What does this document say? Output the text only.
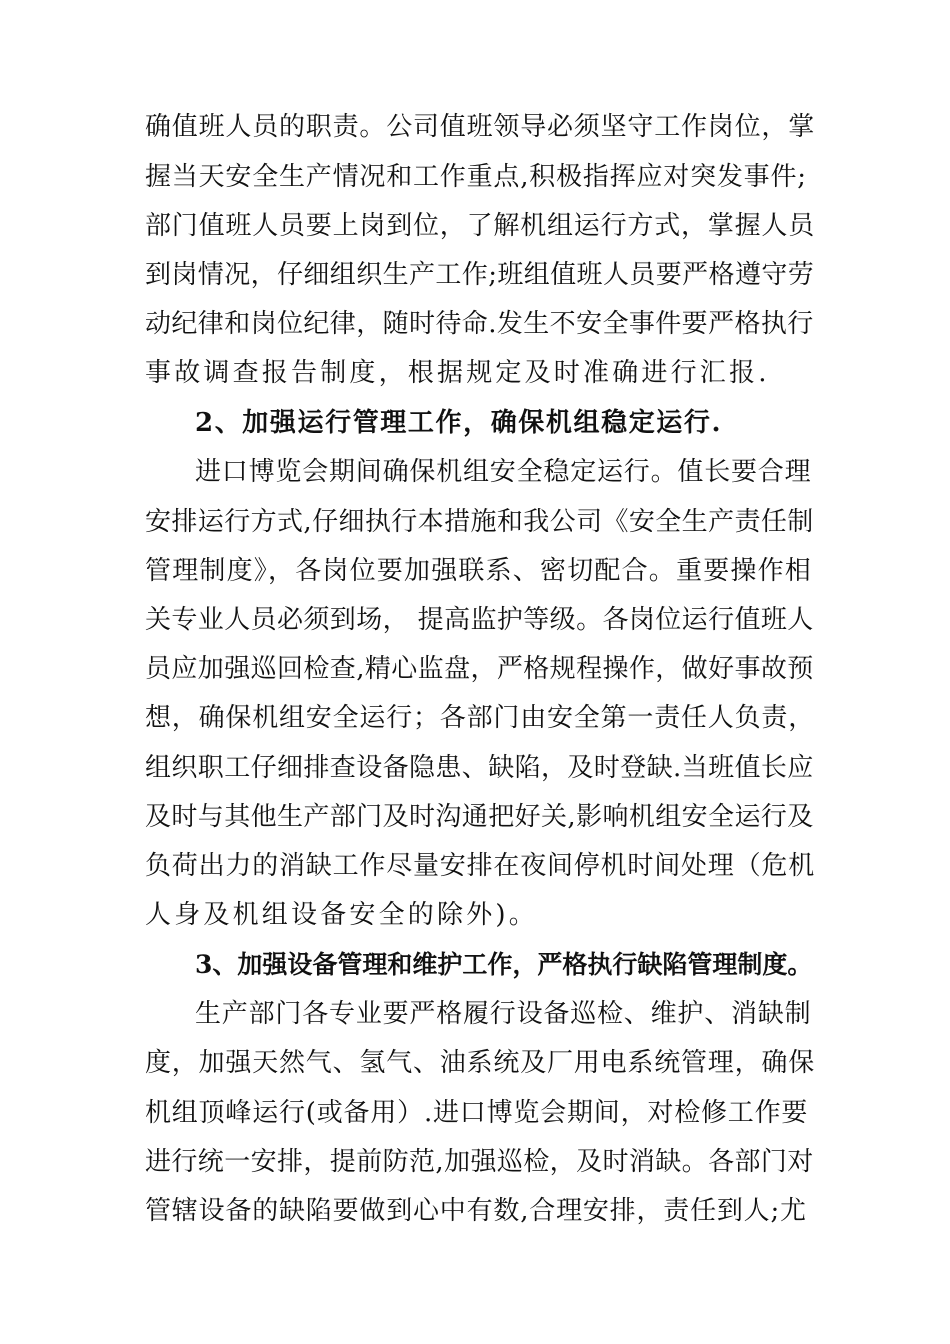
确值班人员的职责。公司值班领导必须坚守工作岗位，掌
握当天安全生产情况和工作重点,积极指挥应对突发事件;
部门值班人员要上岗到位，了解机组运行方式，掌握人员
到岗情况，仔细组织生产工作;班组值班人员要严格遵守劳
动纪律和岗位纪律，随时待命.发生不安全事件要严格执行
事故调查报告制度，根据规定及时准确进行汇报.
2、加强运行管理工作，确保机组稳定运行.
进口博览会期间确保机组安全稳定运行。值长要合理
安排运行方式,仔细执行本措施和我公司《安全生产责任制
管理制度》，各岗位要加强联系、密切配合。重要操作相
关专业人员必须到场， 提高监护等级。各岗位运行值班人
员应加强巡回检查,精心监盘，严格规程操作，做好事故预
想，确保机组安全运行；各部门由安全第一责任人负责，
组织职工仔细排查设备隐患、缺陷，及时登缺.当班值长应
及时与其他生产部门及时沟通把好关,影响机组安全运行及
负荷出力的消缺工作尽量安排在夜间停机时间处理（危机
人身及机组设备安全的除外)。
3、加强设备管理和维护工作，严格执行缺陷管理制度。
生产部门各专业要严格履行设备巡检、维护、消缺制
度，加强天然气、氢气、油系统及厂用电系统管理，确保
机组顶峰运行(或备用）.进口博览会期间，对检修工作要
进行统一安排，提前防范,加强巡检，及时消缺。各部门对
管辖设备的缺陷要做到心中有数,合理安排，责任到人;尤
